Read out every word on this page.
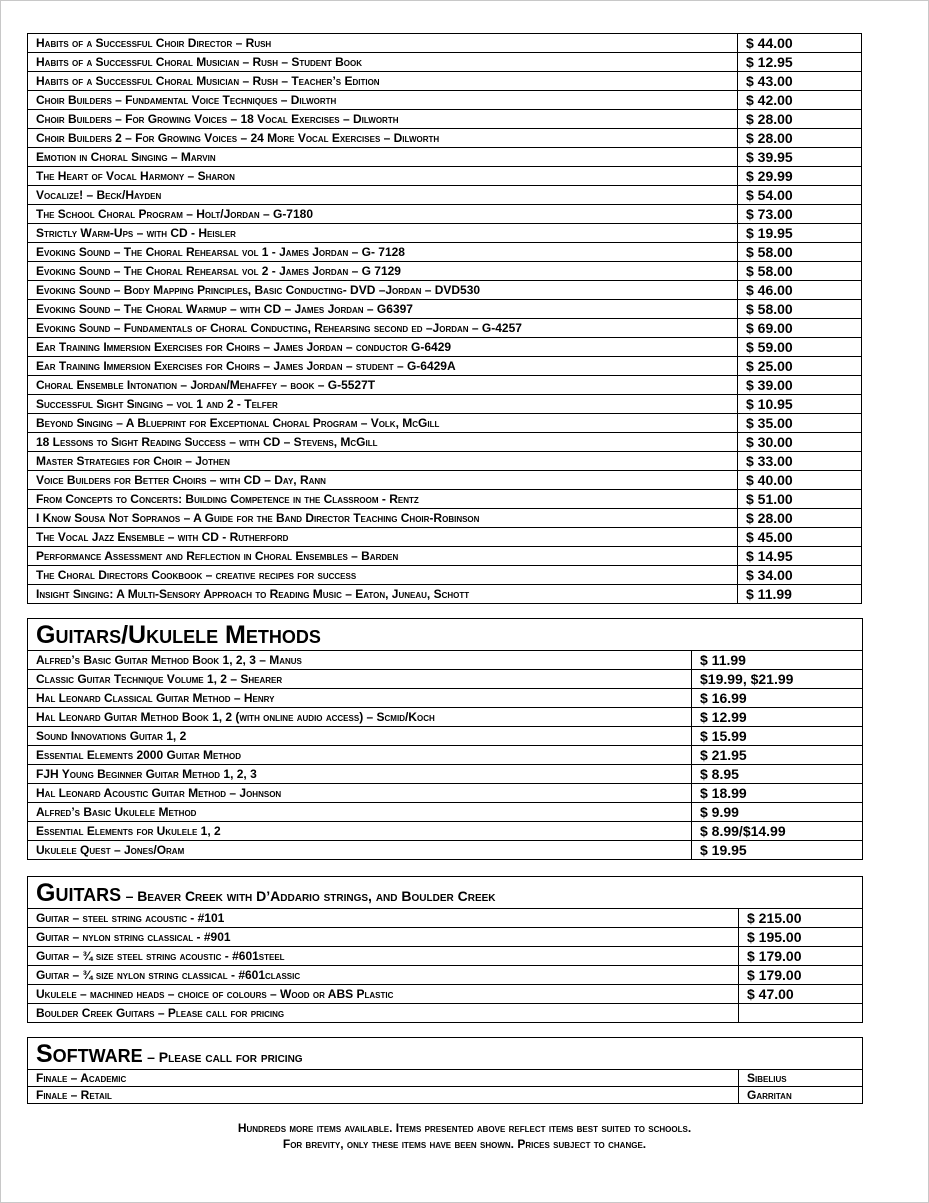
Habits of a Successful Choir Director – Rush	$ 44.00
Habits of a Successful Choral Musician – Rush – Student Book	$ 12.95
Habits of a Successful Choral Musician – Rush – Teacher’s Edition	$ 43.00
Choir Builders – Fundamental Voice Techniques – Dilworth	$ 42.00
Choir Builders – For Growing Voices – 18 Vocal Exercises – Dilworth	$ 28.00
Choir Builders 2 – For Growing Voices – 24 More Vocal Exercises – Dilworth	$ 28.00
Emotion in Choral Singing – Marvin	$ 39.95
The Heart of Vocal Harmony – Sharon	$ 29.99
Vocalize! – Beck/Hayden	$ 54.00
The School Choral Program – Holt/Jordan – G-7180	$ 73.00
Strictly Warm-Ups – with CD - Heisler	$ 19.95
Evoking Sound – The Choral Rehearsal vol 1 - James Jordan – G- 7128	$ 58.00
Evoking Sound – The Choral Rehearsal vol 2 - James Jordan – G 7129	$ 58.00
Evoking Sound – Body Mapping Principles, Basic Conducting- DVD –Jordan – DVD530	$ 46.00
Evoking Sound – The Choral Warmup – with CD – James Jordan – G6397	$ 58.00
Evoking Sound – Fundamentals of Choral Conducting, Rehearsing second ed –Jordan – G-4257	$ 69.00
Ear Training Immersion Exercises for Choirs – James Jordan – conductor G-6429	$ 59.00
Ear Training Immersion Exercises for Choirs – James Jordan – student – G-6429A	$ 25.00
Choral Ensemble Intonation – Jordan/Mehaffey – book – G-5527T	$ 39.00
Successful Sight Singing – vol 1 and 2 - Telfer	$ 10.95
Beyond Singing – A Blueprint for Exceptional Choral Program – Volk, McGill	$ 35.00
18 Lessons to Sight Reading Success – with CD – Stevens, McGill	$ 30.00
Master Strategies for Choir – Jothen	$ 33.00
Voice Builders for Better Choirs – with CD – Day, Rann	$ 40.00
From Concepts to Concerts: Building Competence in the Classroom - Rentz	$ 51.00
I Know Sousa Not Sopranos – A Guide for the Band Director Teaching Choir-Robinson	$ 28.00
The Vocal Jazz Ensemble – with CD - Rutherford	$ 45.00
Performance Assessment and Reflection in Choral Ensembles – Barden	$ 14.95
The Choral Directors Cookbook – creative recipes for success	$ 34.00
Insight Singing: A Multi-Sensory Approach to Reading Music – Eaton, Juneau, Schott	$ 11.99
Guitars/Ukulele Methods	
Alfred’s Basic Guitar Method Book 1, 2, 3 – Manus	$ 11.99
Classic Guitar Technique Volume 1, 2 – Shearer	$19.99, $21.99
Hal Leonard Classical Guitar Method – Henry	$ 16.99
Hal Leonard Guitar Method Book 1, 2 (with online audio access) – Scmid/Koch	$ 12.99
Sound Innovations Guitar 1, 2	$ 15.99
Essential Elements 2000 Guitar Method	$ 21.95
FJH Young Beginner Guitar Method 1, 2, 3	$ 8.95
Hal Leonard Acoustic Guitar Method – Johnson	$ 18.99
Alfred’s Basic Ukulele Method	$ 9.99
Essential Elements for Ukulele 1, 2	$ 8.99/$14.99
Ukulele Quest – Jones/Oram	$ 19.95
Guitars – Beaver Creek with D’Addario strings, and Boulder Creek	
Guitar – steel string acoustic - #101	$ 215.00
Guitar – nylon string classical - #901	$ 195.00
Guitar – ¾ size steel string acoustic - #601steel	$ 179.00
Guitar – ¾ size nylon string classical - #601classic	$ 179.00
Ukulele – machined heads – choice of colours – Wood or ABS Plastic	$ 47.00
Boulder Creek Guitars – Please call for pricing	
Software – Please call for pricing	
Finale – Academic	Sibelius
Finale – Retail	Garritan
Hundreds more items available. Items presented above reflect items best suited to schools.
For brevity, only these items have been shown. Prices subject to change.
